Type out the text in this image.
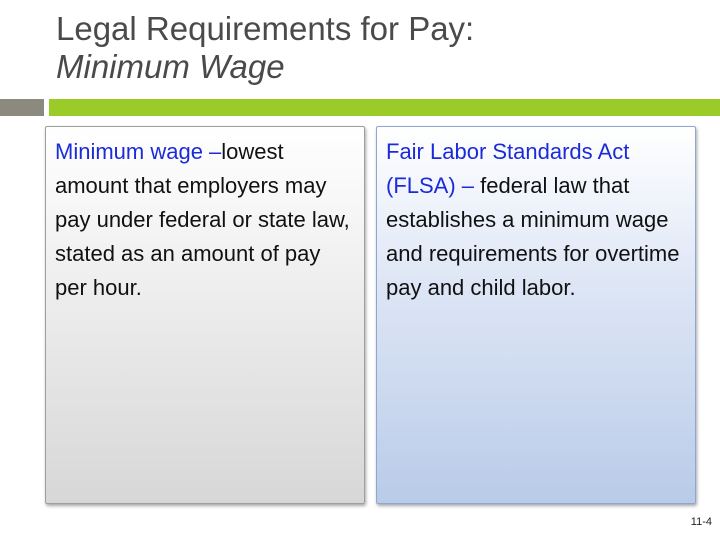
Legal Requirements for Pay:
Minimum Wage
Minimum wage –lowest amount that employers may pay under federal or state law, stated as an amount of pay per hour.
Fair Labor Standards Act (FLSA) – federal law that establishes a minimum wage and requirements for overtime pay and child labor.
11-4
